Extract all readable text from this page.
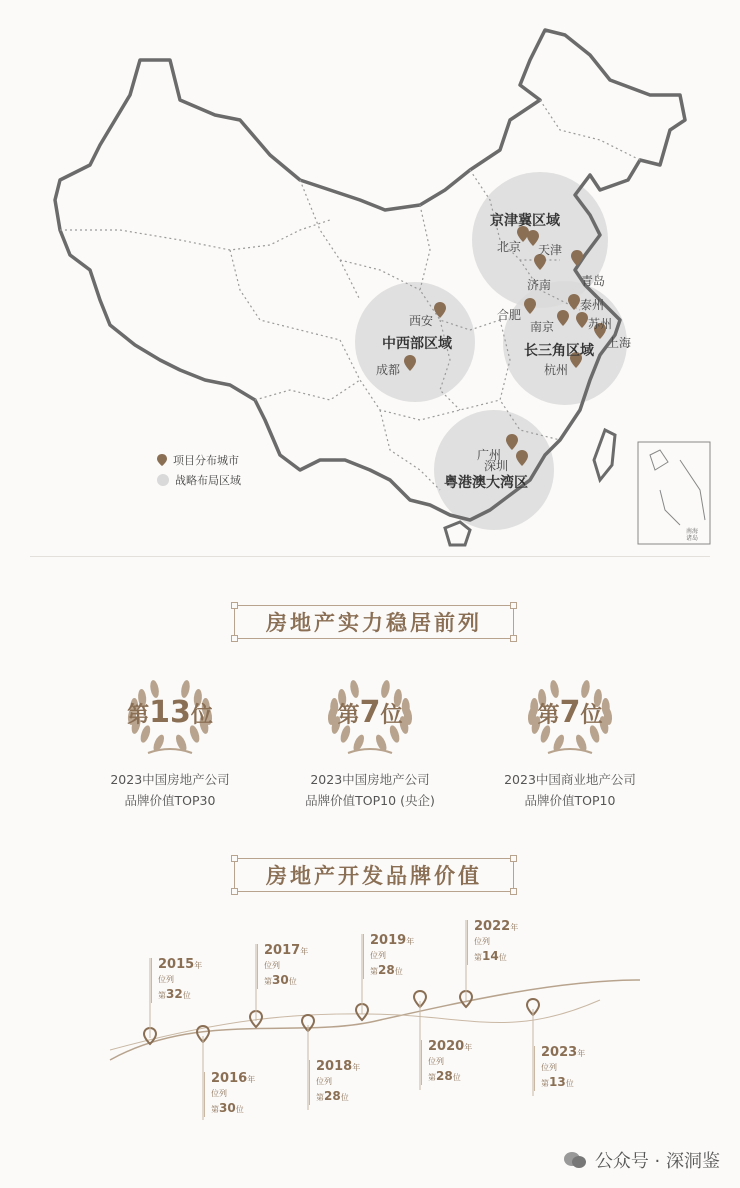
京津冀区域
中西部区域	长三角区域
粤港澳大湾区
北京 天津
济南 青岛
泰州
合肥
南京	苏州
上海
杭州
西安
成都
广州
深圳
项目分布城市
战略布局区域
南海
诸岛
房地产实力稳居前列
第13位
2023中国房地产公司
品牌价值TOP30
第7位
2023中国房地产公司
品牌价值TOP10 (央企)
第7位
2023中国商业地产公司
品牌价值TOP10
房地产开发品牌价值
2015年
位列
第32位
2016年
位列
第30位
2017年
位列
第30位
2018年
位列
第28位
2019年
位列
第28位
2020年
位列
第28位
2022年
位列
第14位
2023年
位列
第13位
公众号 · 深洞鉴
